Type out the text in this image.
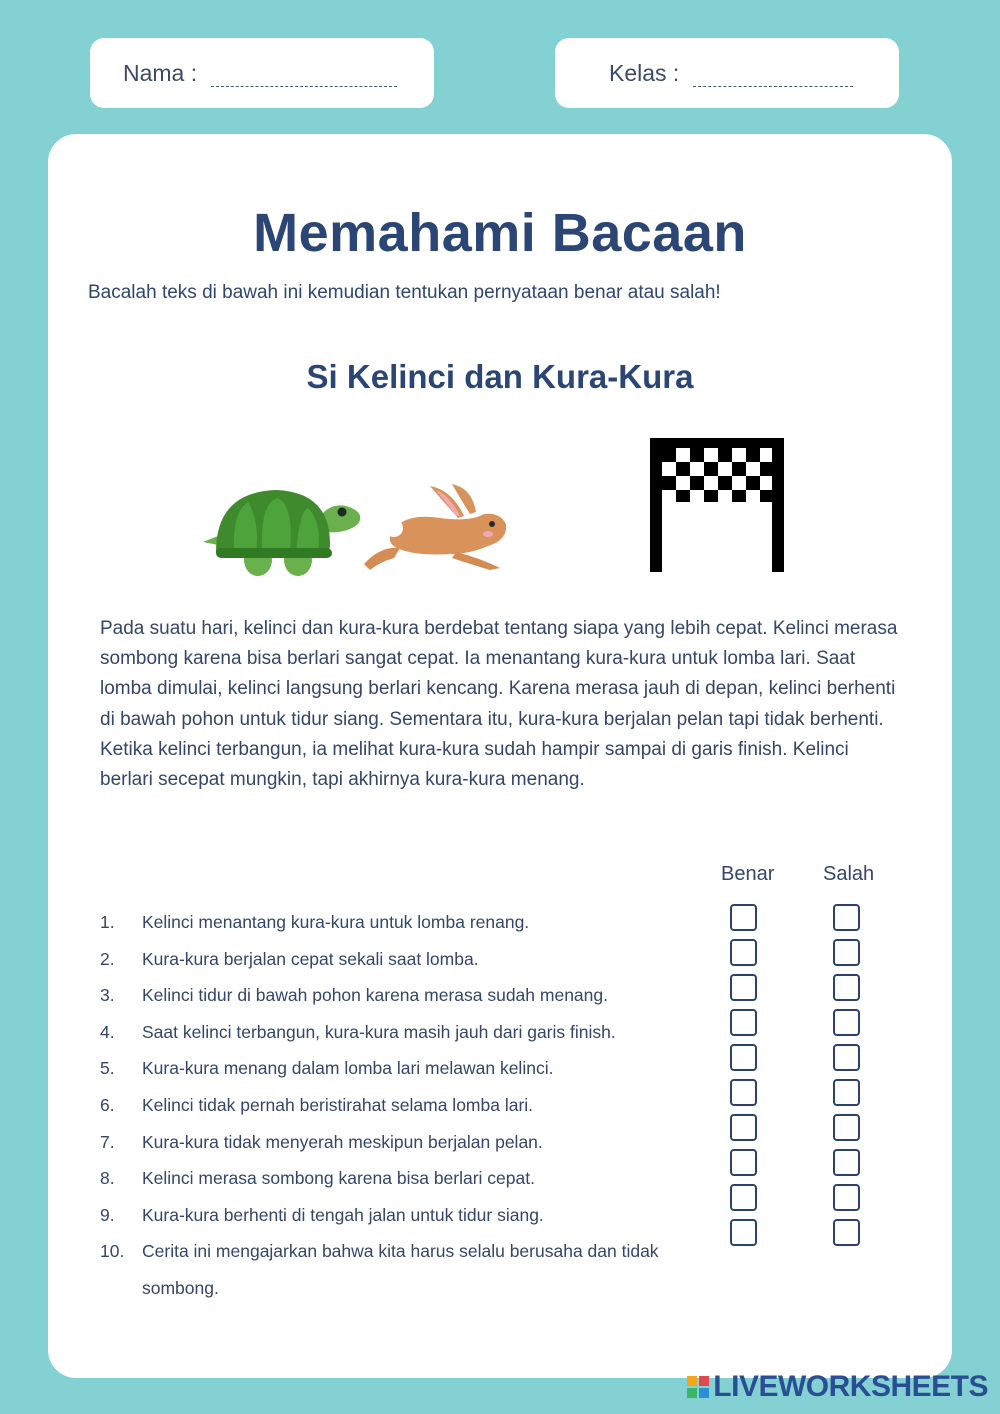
Nama :	Kelas :
Memahami Bacaan
Bacalah teks di bawah ini kemudian tentukan pernyataan benar atau salah!
Si Kelinci dan Kura-Kura
Pada suatu hari, kelinci dan kura-kura berdebat tentang siapa yang lebih cepat. Kelinci merasa sombong karena bisa berlari sangat cepat. Ia menantang kura-kura untuk lomba lari. Saat lomba dimulai, kelinci langsung berlari kencang. Karena merasa jauh di depan, kelinci berhenti di bawah pohon untuk tidur siang. Sementara itu, kura-kura berjalan pelan tapi tidak berhenti. Ketika kelinci terbangun, ia melihat kura-kura sudah hampir sampai di garis finish. Kelinci berlari secepat mungkin, tapi akhirnya kura-kura menang.
Benar Salah
1.	Kelinci menantang kura-kura untuk lomba renang.
2.	Kura-kura berjalan cepat sekali saat lomba.
3.	Kelinci tidur di bawah pohon karena merasa sudah menang.
4.	Saat kelinci terbangun, kura-kura masih jauh dari garis finish.
5.	Kura-kura menang dalam lomba lari melawan kelinci.
6.	Kelinci tidak pernah beristirahat selama lomba lari.
7.	Kura-kura tidak menyerah meskipun berjalan pelan.
8.	Kelinci merasa sombong karena bisa berlari cepat.
9.	Kura-kura berhenti di tengah jalan untuk tidur siang.
10.	Cerita ini mengajarkan bahwa kita harus selalu berusaha dan tidak sombong.
LIVEWORKSHEETS
